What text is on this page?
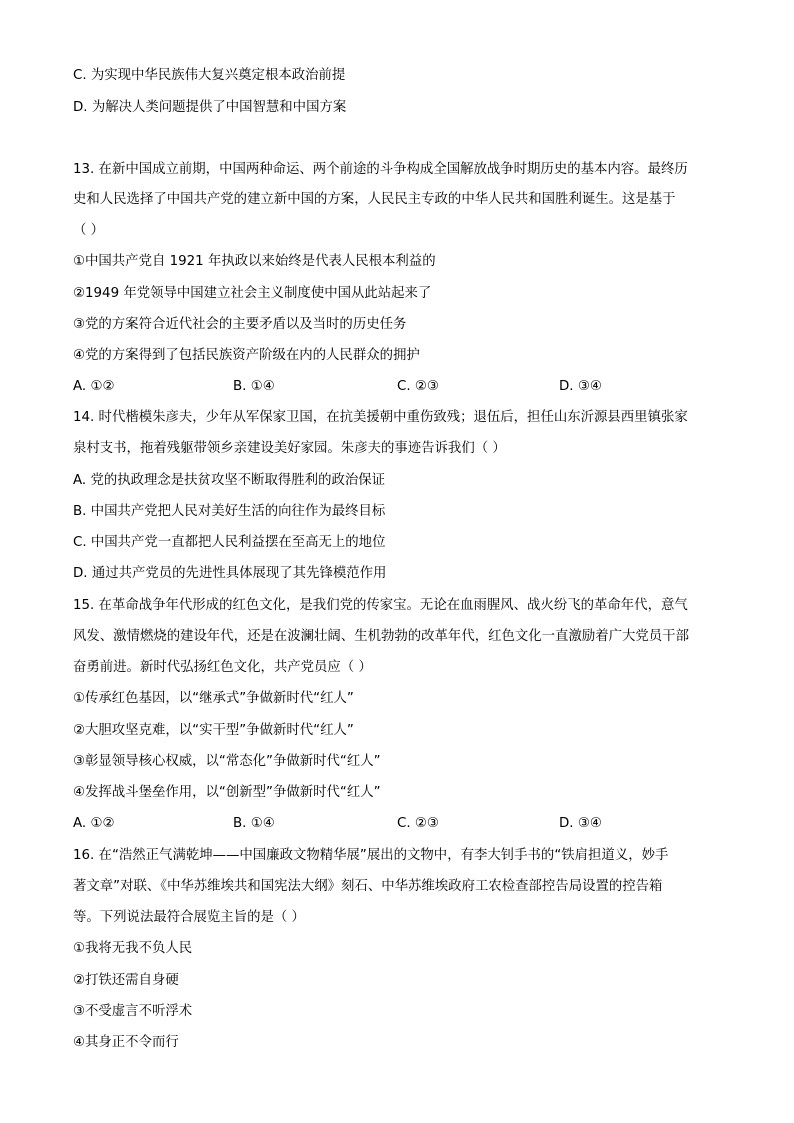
C. 为实现中华民族伟大复兴奠定根本政治前提
D. 为解决人类问题提供了中国智慧和中国方案
13. 在新中国成立前期，中国两种命运、两个前途的斗争构成全国解放战争时期历史的基本内容。最终历
史和人民选择了中国共产党的建立新中国的方案，人民民主专政的中华人民共和国胜利诞生。这是基于
（ ）
①中国共产党自 1921 年执政以来始终是代表人民根本利益的
②1949 年党领导中国建立社会主义制度使中国从此站起来了
③党的方案符合近代社会的主要矛盾以及当时的历史任务
④党的方案得到了包括民族资产阶级在内的人民群众的拥护
A. ①②	B. ①④	C. ②③	D. ③④
14. 时代楷模朱彦夫，少年从军保家卫国，在抗美援朝中重伤致残；退伍后，担任山东沂源县西里镇张家
泉村支书，拖着残躯带领乡亲建设美好家园。朱彦夫的事迹告诉我们（ ）
A. 党的执政理念是扶贫攻坚不断取得胜利的政治保证
B. 中国共产党把人民对美好生活的向往作为最终目标
C. 中国共产党一直都把人民利益摆在至高无上的地位
D. 通过共产党员的先进性具体展现了其先锋模范作用
15. 在革命战争年代形成的红色文化，是我们党的传家宝。无论在血雨腥风、战火纷飞的革命年代，意气
风发、激情燃烧的建设年代，还是在波澜壮阔、生机勃勃的改革年代，红色文化一直激励着广大党员干部
奋勇前进。新时代弘扬红色文化，共产党员应（ ）
①传承红色基因，以“继承式”争做新时代“红人”
②大胆攻坚克难，以“实干型”争做新时代“红人”
③彰显领导核心权威，以“常态化”争做新时代“红人”
④发挥战斗堡垒作用，以“创新型”争做新时代“红人”
A. ①②	B. ①④	C. ②③	D. ③④
16. 在“浩然正气满乾坤——中国廉政文物精华展”展出的文物中，有李大钊手书的“铁肩担道义，妙手
著文章”对联、《中华苏维埃共和国宪法大纲》刻石、中华苏维埃政府工农检查部控告局设置的控告箱
等。下列说法最符合展览主旨的是（ ）
①我将无我不负人民
②打铁还需自身硬
③不受虚言不听浮术
④其身正不令而行
